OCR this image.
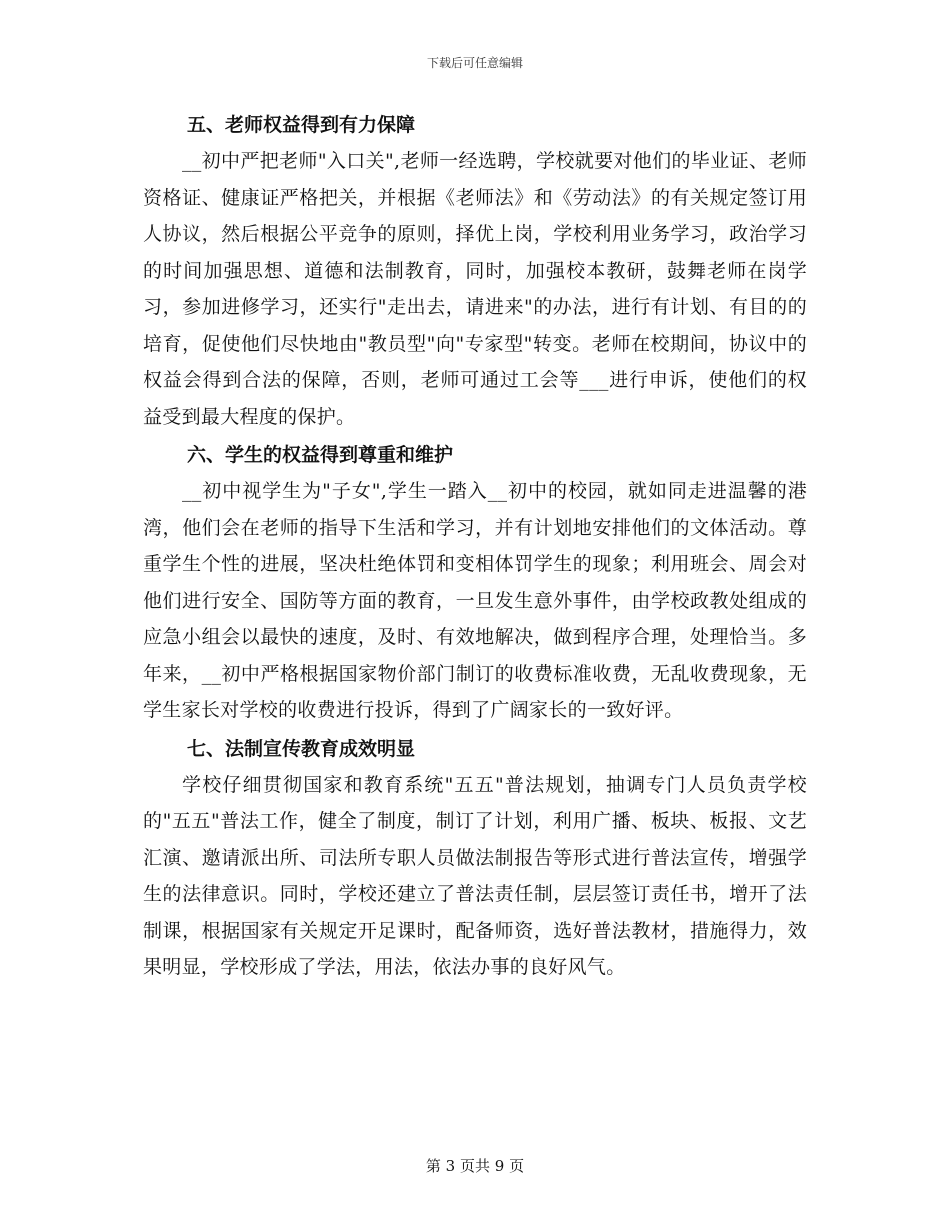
下载后可任意编辑
五、老师权益得到有力保障
__初中严把老师"入口关",老师一经选聘，学校就要对他们的毕业证、老师资格证、健康证严格把关，并根据《老师法》和《劳动法》的有关规定签订用人协议，然后根据公平竞争的原则，择优上岗，学校利用业务学习，政治学习的时间加强思想、道德和法制教育，同时，加强校本教研，鼓舞老师在岗学习，参加进修学习，还实行"走出去，请进来"的办法，进行有计划、有目的的培育，促使他们尽快地由"教员型"向"专家型"转变。老师在校期间，协议中的权益会得到合法的保障，否则，老师可通过工会等___进行申诉，使他们的权益受到最大程度的保护。
六、学生的权益得到尊重和维护
__初中视学生为"子女",学生一踏入__初中的校园，就如同走进温馨的港湾，他们会在老师的指导下生活和学习，并有计划地安排他们的文体活动。尊重学生个性的进展，坚决杜绝体罚和变相体罚学生的现象；利用班会、周会对他们进行安全、国防等方面的教育，一旦发生意外事件，由学校政教处组成的应急小组会以最快的速度，及时、有效地解决，做到程序合理，处理恰当。多年来，__初中严格根据国家物价部门制订的收费标准收费，无乱收费现象，无学生家长对学校的收费进行投诉，得到了广阔家长的一致好评。
七、法制宣传教育成效明显
学校仔细贯彻国家和教育系统"五五"普法规划，抽调专门人员负责学校的"五五"普法工作，健全了制度，制订了计划，利用广播、板块、板报、文艺汇演、邀请派出所、司法所专职人员做法制报告等形式进行普法宣传，增强学生的法律意识。同时，学校还建立了普法责任制，层层签订责任书，增开了法制课，根据国家有关规定开足课时，配备师资，选好普法教材，措施得力，效果明显，学校形成了学法，用法，依法办事的良好风气。
第 3 页共 9 页
